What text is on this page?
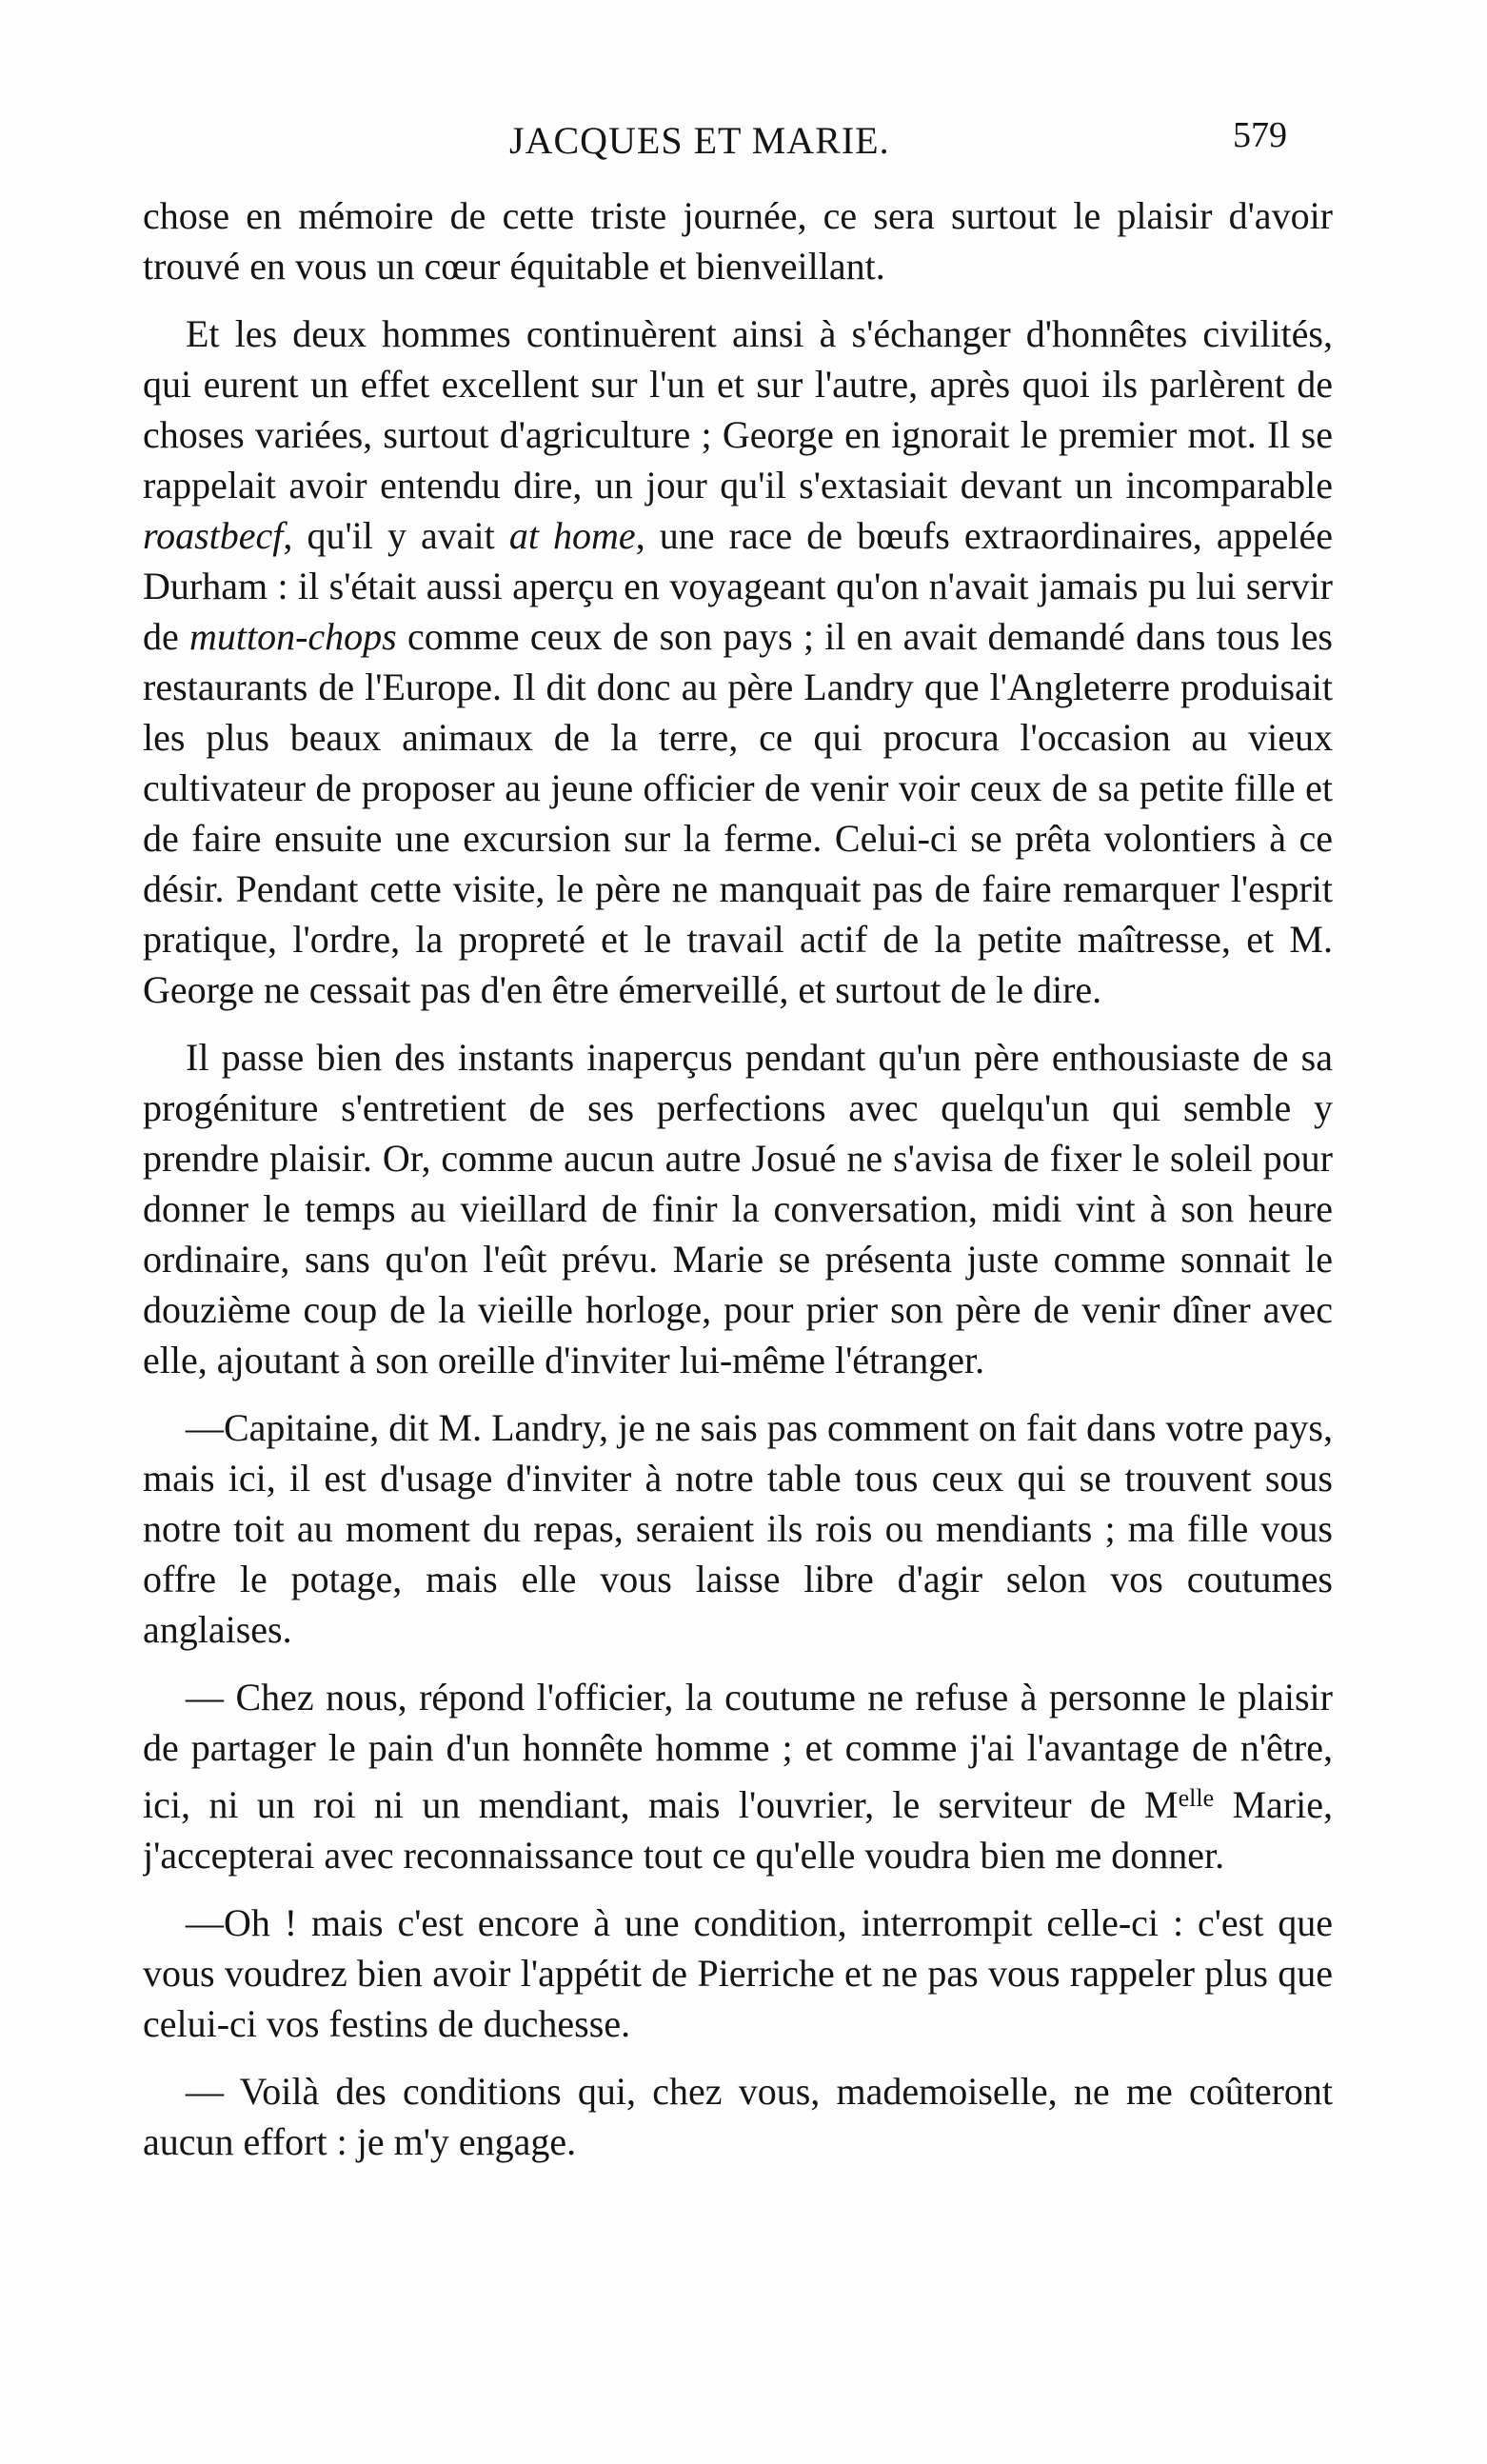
JACQUES ET MARIE.	579

chose en mémoire de cette triste journée, ce sera surtout le plaisir d'avoir trouvé en vous un cœur équitable et bienveillant.

Et les deux hommes continuèrent ainsi à s'échanger d'honnêtes civilités, qui eurent un effet excellent sur l'un et sur l'autre, après quoi ils parlèrent de choses variées, surtout d'agriculture ; George en ignorait le premier mot. Il se rappelait avoir entendu dire, un jour qu'il s'extasiait devant un incomparable roastbecf, qu'il y avait at home, une race de bœufs extraordinaires, appelée Durham : il s'était aussi aperçu en voyageant qu'on n'avait jamais pu lui servir de mutton-chops comme ceux de son pays ; il en avait demandé dans tous les restaurants de l'Europe. Il dit donc au père Landry que l'Angleterre produisait les plus beaux animaux de la terre, ce qui procura l'occasion au vieux cultivateur de proposer au jeune officier de venir voir ceux de sa petite fille et de faire ensuite une excursion sur la ferme. Celui-ci se prêta volontiers à ce désir. Pendant cette visite, le père ne manquait pas de faire remarquer l'esprit pratique, l'ordre, la propreté et le travail actif de la petite maîtresse, et M. George ne cessait pas d'en être émerveillé, et surtout de le dire.

Il passe bien des instants inaperçus pendant qu'un père enthousiaste de sa progéniture s'entretient de ses perfections avec quelqu'un qui semble y prendre plaisir. Or, comme aucun autre Josué ne s'avisa de fixer le soleil pour donner le temps au vieillard de finir la conversation, midi vint à son heure ordinaire, sans qu'on l'eût prévu. Marie se présenta juste comme sonnait le douzième coup de la vieille horloge, pour prier son père de venir dîner avec elle, ajoutant à son oreille d'inviter lui-même l'étranger.

—Capitaine, dit M. Landry, je ne sais pas comment on fait dans votre pays, mais ici, il est d'usage d'inviter à notre table tous ceux qui se trouvent sous notre toit au moment du repas, seraient ils rois ou mendiants ; ma fille vous offre le potage, mais elle vous laisse libre d'agir selon vos coutumes anglaises.

— Chez nous, répond l'officier, la coutume ne refuse à personne le plaisir de partager le pain d'un honnête homme ; et comme j'ai l'avantage de n'être, ici, ni un roi ni un mendiant, mais l'ouvrier, le serviteur de $M^{elle}$ Marie, j'accepterai avec reconnaissance tout ce qu'elle voudra bien me donner.

—Oh ! mais c'est encore à une condition, interrompit celle-ci : c'est que vous voudrez bien avoir l'appétit de Pierriche et ne pas vous rappeler plus que celui-ci vos festins de duchesse.

— Voilà des conditions qui, chez vous, mademoiselle, ne me coûteront aucun effort : je m'y engage.
